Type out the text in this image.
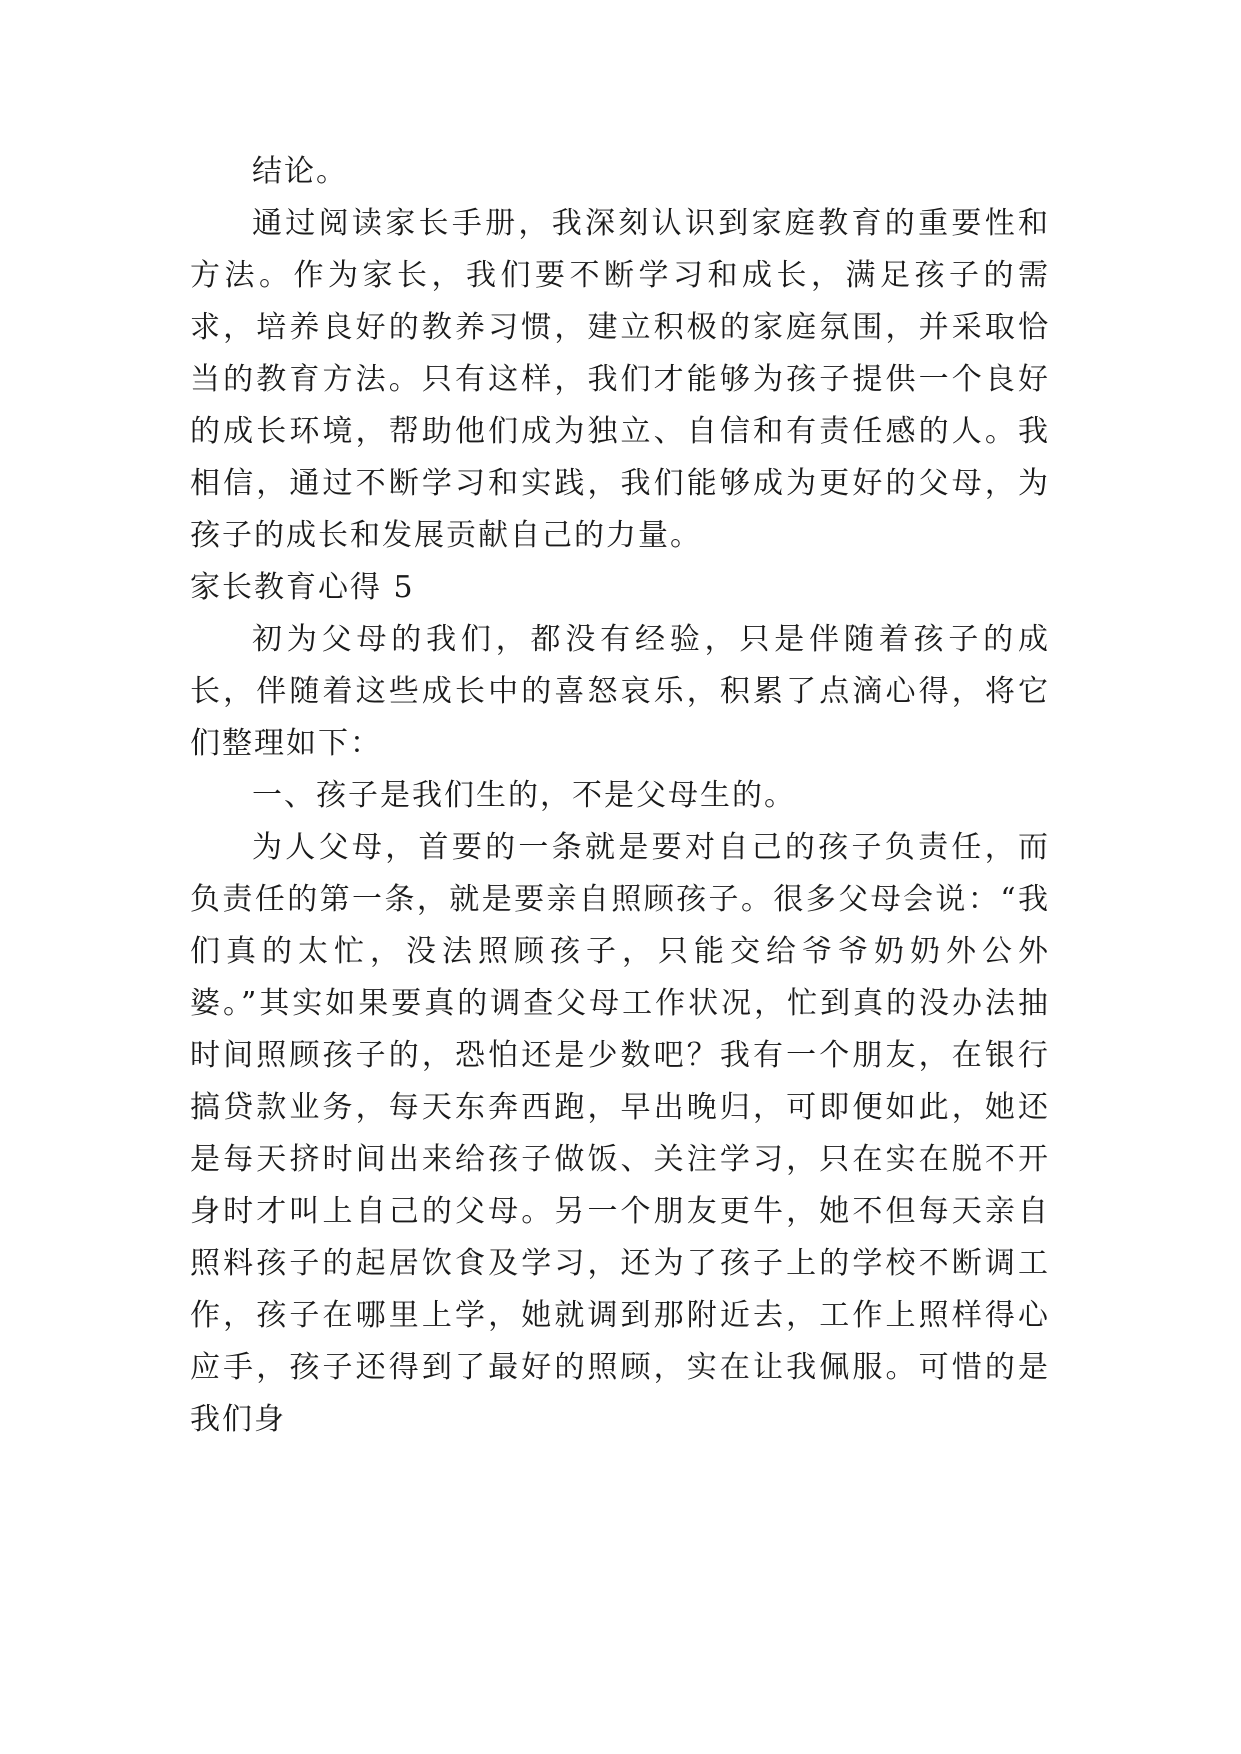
结论。

通过阅读家长手册，我深刻认识到家庭教育的重要性和方法。作为家长，我们要不断学习和成长，满足孩子的需求，培养良好的教养习惯，建立积极的家庭氛围，并采取恰当的教育方法。只有这样，我们才能够为孩子提供一个良好的成长环境，帮助他们成为独立、自信和有责任感的人。我相信，通过不断学习和实践，我们能够成为更好的父母，为孩子的成长和发展贡献自己的力量。

家长教育心得 5

初为父母的我们，都没有经验，只是伴随着孩子的成长，伴随着这些成长中的喜怒哀乐，积累了点滴心得，将它们整理如下：

一、孩子是我们生的，不是父母生的。

为人父母，首要的一条就是要对自己的孩子负责任，而负责任的第一条，就是要亲自照顾孩子。很多父母会说：“我们真的太忙，没法照顾孩子，只能交给爷爷奶奶外公外婆。”其实如果要真的调查父母工作状况，忙到真的没办法抽时间照顾孩子的，恐怕还是少数吧？我有一个朋友，在银行搞贷款业务，每天东奔西跑，早出晚归，可即便如此，她还是每天挤时间出来给孩子做饭、关注学习，只在实在脱不开身时才叫上自己的父母。另一个朋友更牛，她不但每天亲自照料孩子的起居饮食及学习，还为了孩子上的学校不断调工作，孩子在哪里上学，她就调到那附近去，工作上照样得心应手，孩子还得到了最好的照顾，实在让我佩服。可惜的是我们身
